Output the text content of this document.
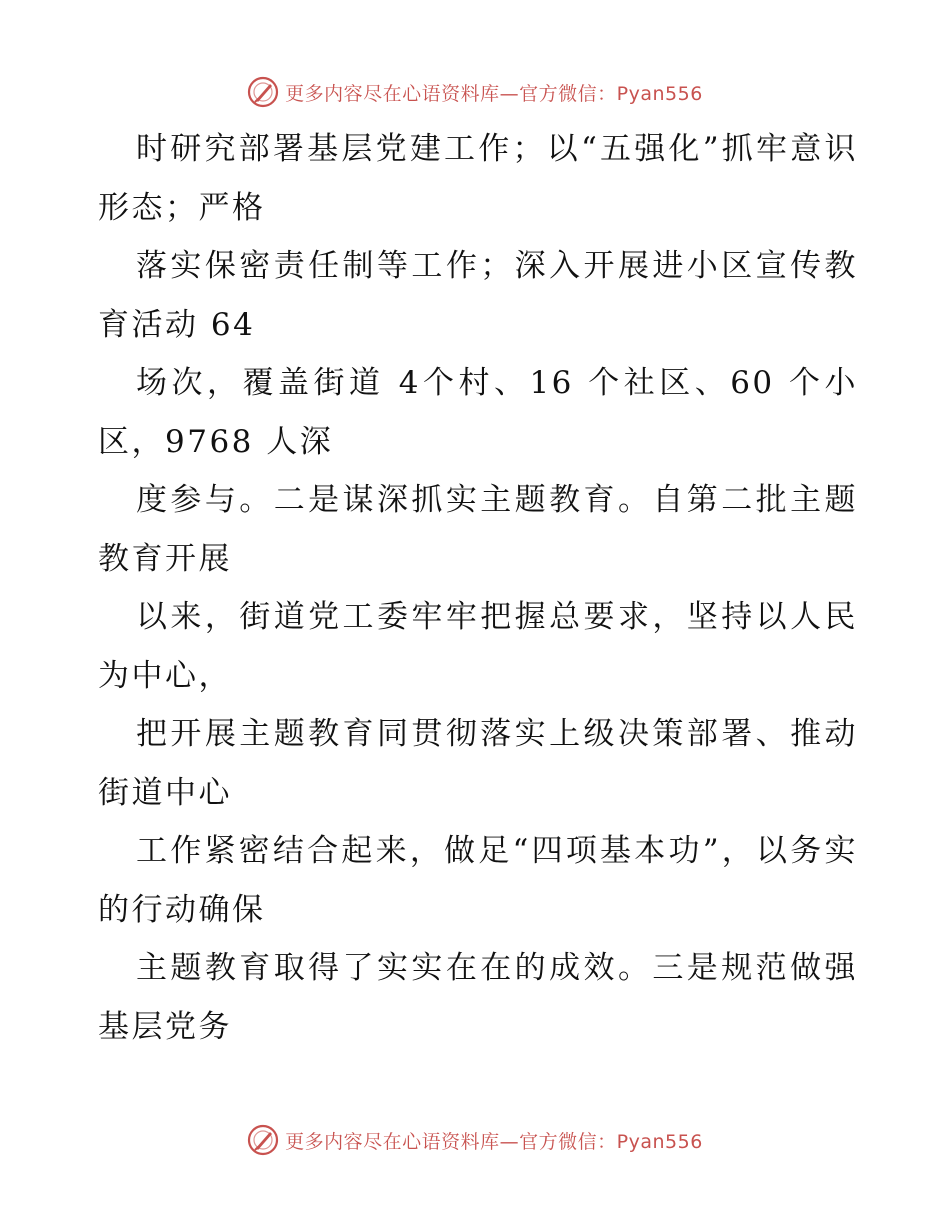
更多内容尽在心语资料库—官方微信：Pyan556

时研究部署基层党建工作；以“五强化”抓牢意识形态；严格

落实保密责任制等工作；深入开展进小区宣传教育活动 64

场次，覆盖街道 4个村、16 个社区、60 个小区，9768 人深

度参与。二是谋深抓实主题教育。自第二批主题教育开展

以来，街道党工委牢牢把握总要求，坚持以人民为中心，

把开展主题教育同贯彻落实上级决策部署、推动街道中心

工作紧密结合起来，做足“四项基本功”，以务实的行动确保

主题教育取得了实实在在的成效。三是规范做强基层党务

更多内容尽在心语资料库—官方微信：Pyan556
